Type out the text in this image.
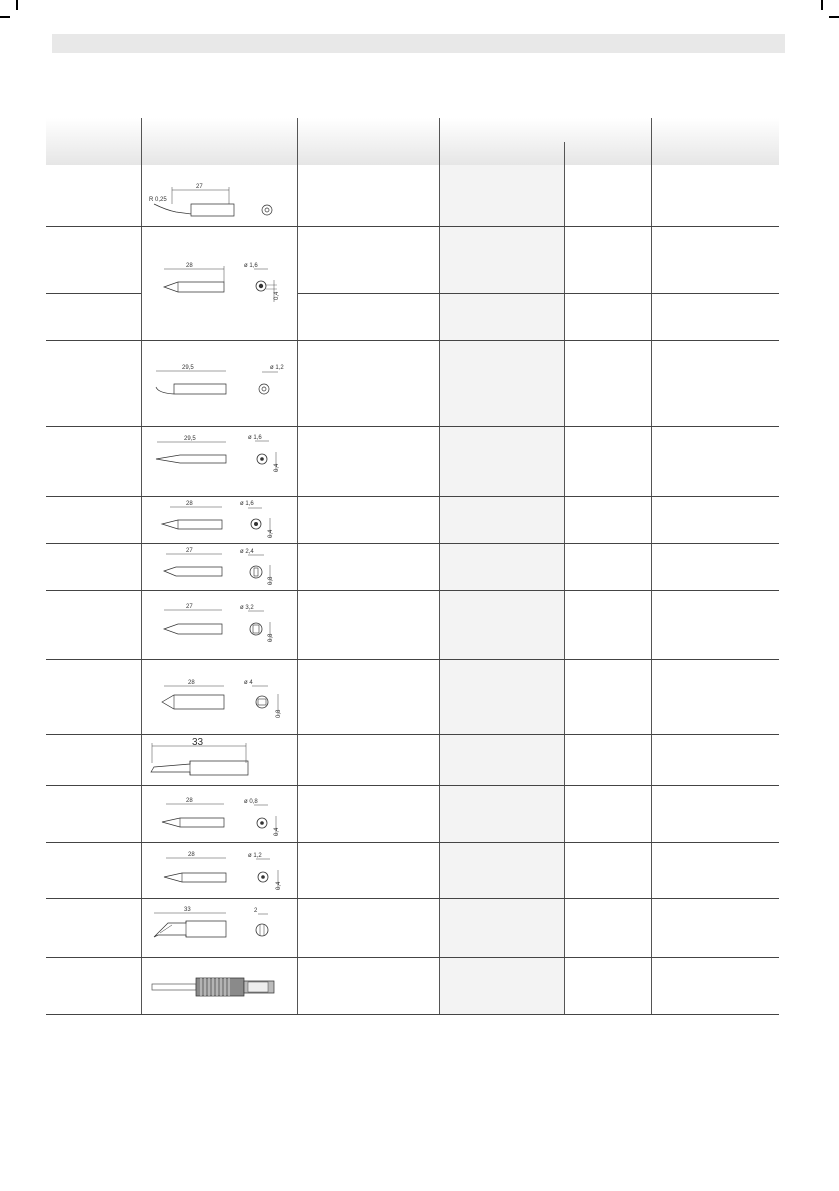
27
R 0,25
28	ø 1,6
0,4
29,5	ø 1,2
29,5	ø 1,6
0,4
28	ø 1,6
0,4
27	ø 2,4
0,8
27	ø 3,2
0,8
28	ø 4
0,8
33
28	ø 0,8
0,4
28	ø 1,2
0,4
33	2
